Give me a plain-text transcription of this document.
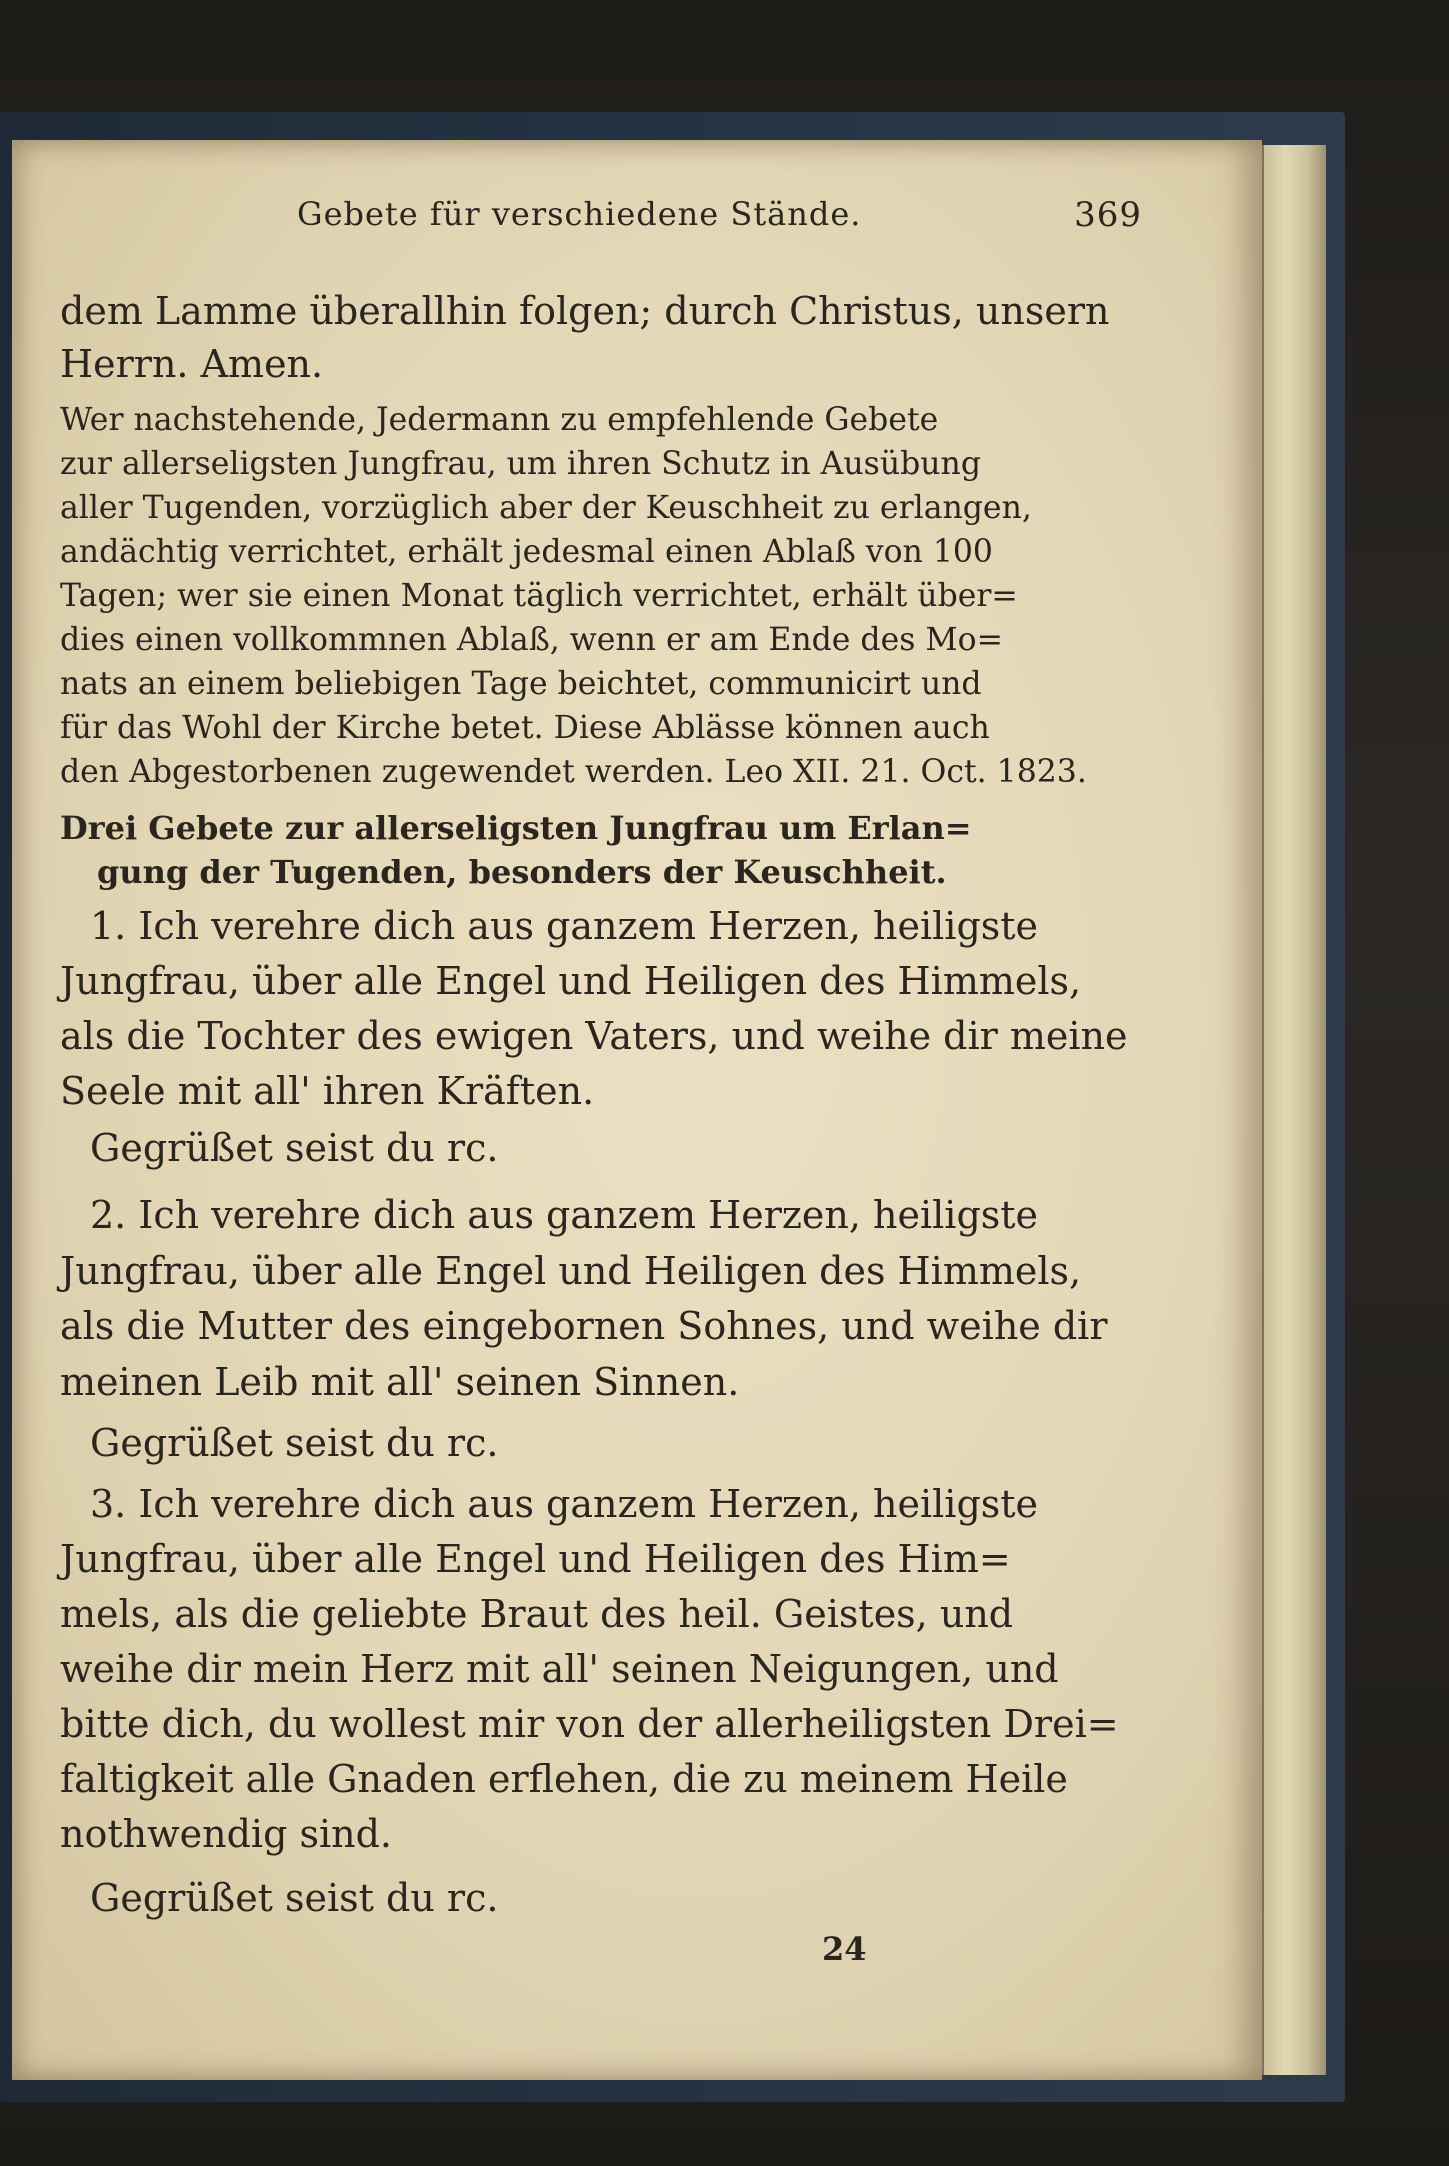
Gebete für verschiedene Stände.	369
dem Lamme überallhin folgen; durch Christus, unsern
Herrn. Amen.
Wer nachstehende, Jedermann zu empfehlende Gebete
zur allerseligsten Jungfrau, um ihren Schutz in Ausübung
aller Tugenden, vorzüglich aber der Keuschheit zu erlangen,
andächtig verrichtet, erhält jedesmal einen Ablaß von 100
Tagen; wer sie einen Monat täglich verrichtet, erhält über=
dies einen vollkommnen Ablaß, wenn er am Ende des Mo=
nats an einem beliebigen Tage beichtet, communicirt und
für das Wohl der Kirche betet. Diese Ablässe können auch
den Abgestorbenen zugewendet werden. Leo XII. 21. Oct. 1823.
Drei Gebete zur allerseligsten Jungfrau um Erlan=
gung der Tugenden, besonders der Keuschheit.
1. Ich verehre dich aus ganzem Herzen, heiligste
Jungfrau, über alle Engel und Heiligen des Himmels,
als die Tochter des ewigen Vaters, und weihe dir meine
Seele mit all' ihren Kräften.
Gegrüßet seist du rc.
2. Ich verehre dich aus ganzem Herzen, heiligste
Jungfrau, über alle Engel und Heiligen des Himmels,
als die Mutter des eingebornen Sohnes, und weihe dir
meinen Leib mit all' seinen Sinnen.
Gegrüßet seist du rc.
3. Ich verehre dich aus ganzem Herzen, heiligste
Jungfrau, über alle Engel und Heiligen des Him=
mels, als die geliebte Braut des heil. Geistes, und
weihe dir mein Herz mit all' seinen Neigungen, und
bitte dich, du wollest mir von der allerheiligsten Drei=
faltigkeit alle Gnaden erflehen, die zu meinem Heile
nothwendig sind.
Gegrüßet seist du rc.
24
